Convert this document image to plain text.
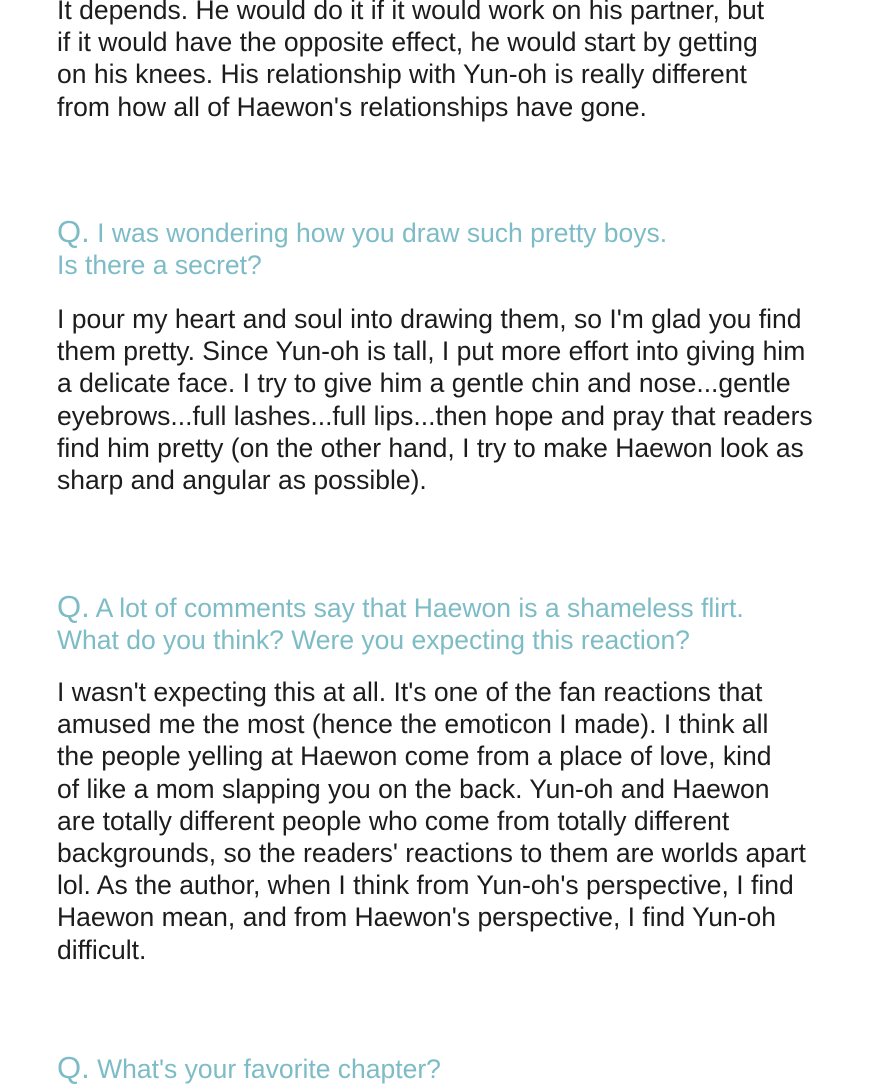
It depends. He would do it if it would work on his partner, but
if it would have the opposite effect, he would start by getting
on his knees. His relationship with Yun-oh is really different
from how all of Haewon's relationships have gone.

Q. I was wondering how you draw such pretty boys.
Is there a secret?

I pour my heart and soul into drawing them, so I'm glad you find
them pretty. Since Yun-oh is tall, I put more effort into giving him
a delicate face. I try to give him a gentle chin and nose...gentle
eyebrows...full lashes...full lips...then hope and pray that readers
find him pretty (on the other hand, I try to make Haewon look as
sharp and angular as possible).

Q. A lot of comments say that Haewon is a shameless flirt.
What do you think? Were you expecting this reaction?

I wasn't expecting this at all. It's one of the fan reactions that
amused me the most (hence the emoticon I made). I think all
the people yelling at Haewon come from a place of love, kind
of like a mom slapping you on the back. Yun-oh and Haewon
are totally different people who come from totally different
backgrounds, so the readers' reactions to them are worlds apart
lol. As the author, when I think from Yun-oh's perspective, I find
Haewon mean, and from Haewon's perspective, I find Yun-oh
difficult.

Q. What's your favorite chapter?
